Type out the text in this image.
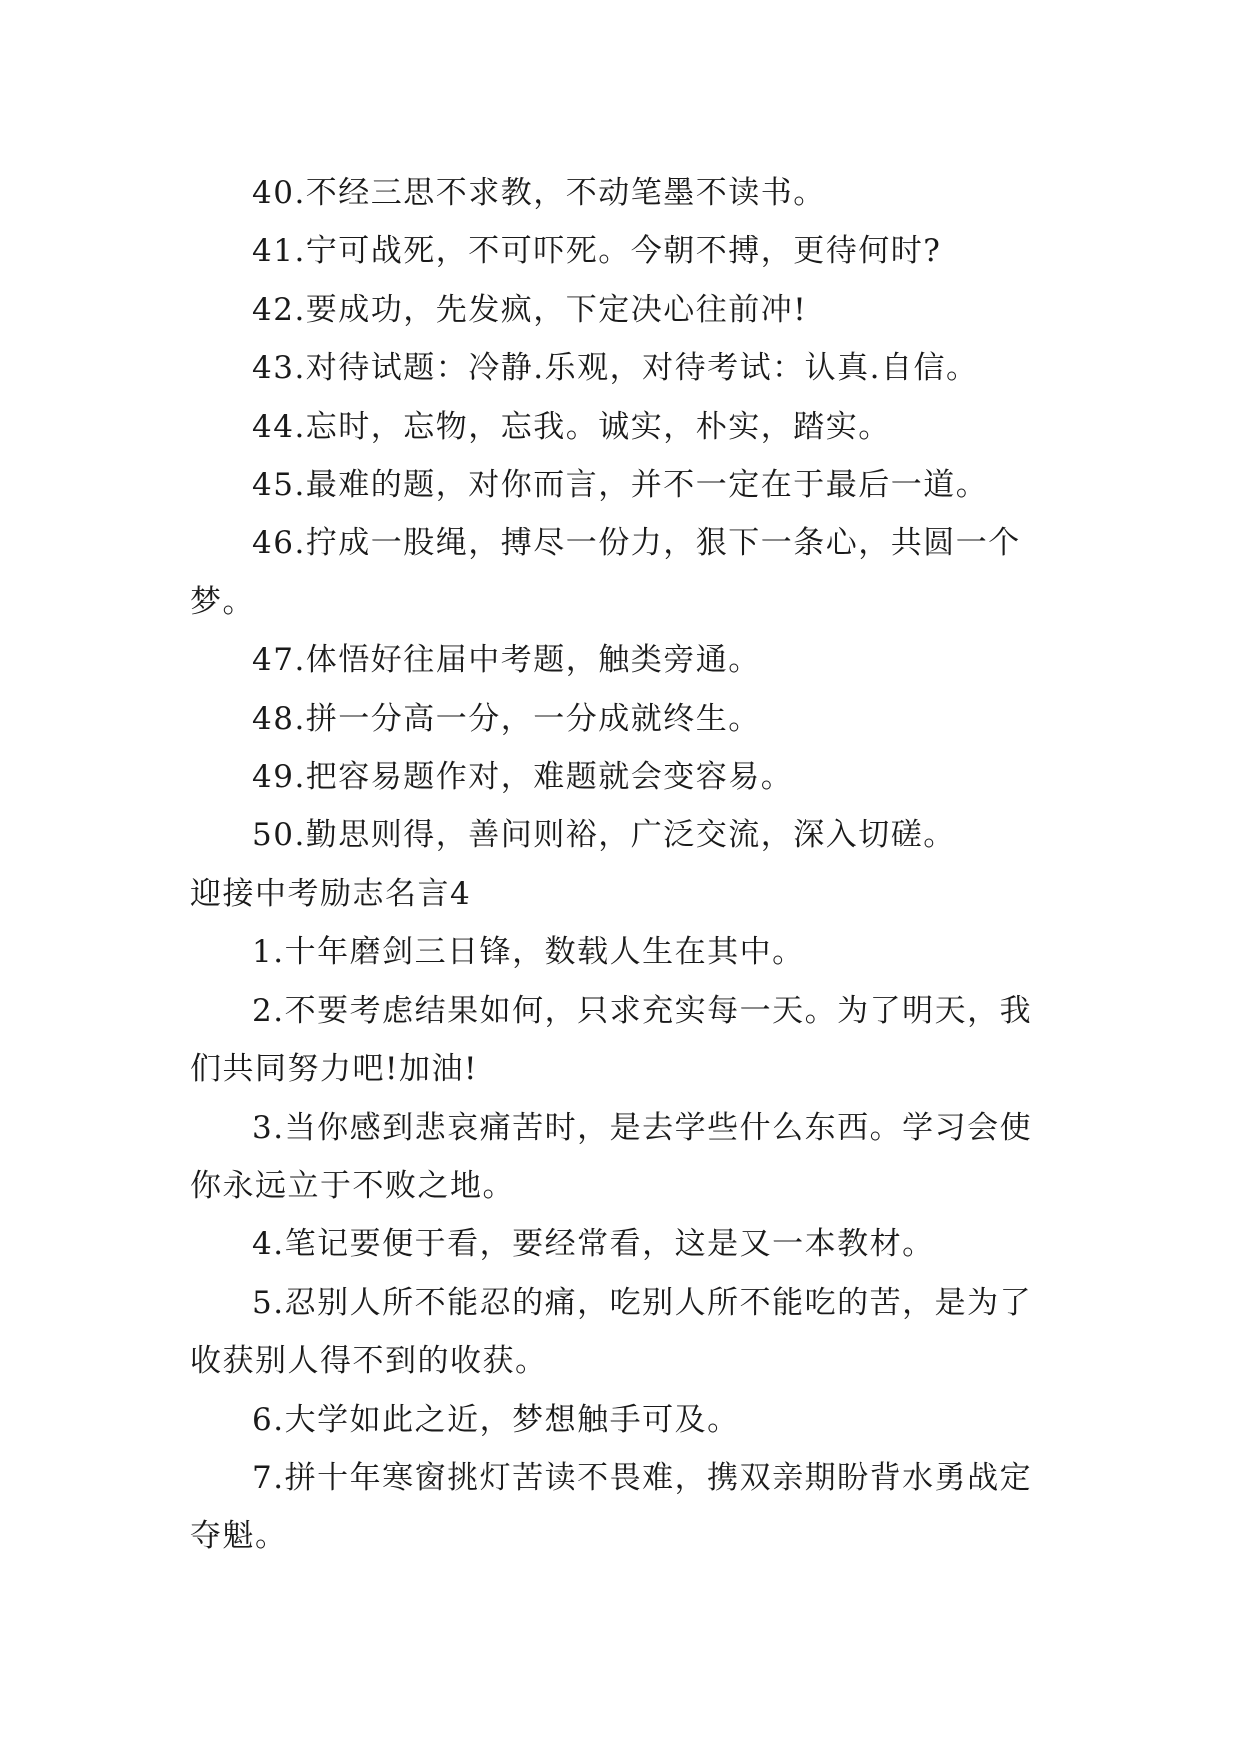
40.不经三思不求教，不动笔墨不读书。

41.宁可战死，不可吓死。今朝不搏，更待何时?

42.要成功，先发疯，下定决心往前冲!

43.对待试题：冷静.乐观，对待考试：认真.自信。

44.忘时，忘物，忘我。诚实，朴实，踏实。

45.最难的题，对你而言，并不一定在于最后一道。

46.拧成一股绳，搏尽一份力，狠下一条心，共圆一个

梦。

47.体悟好往届中考题，触类旁通。

48.拼一分高一分，一分成就终生。

49.把容易题作对，难题就会变容易。

50.勤思则得，善问则裕，广泛交流，深入切磋。

迎接中考励志名言4

1.十年磨剑三日锋，数载人生在其中。

2.不要考虑结果如何，只求充实每一天。为了明天，我

们共同努力吧!加油!

3.当你感到悲哀痛苦时，是去学些什么东西。学习会使

你永远立于不败之地。

4.笔记要便于看，要经常看，这是又一本教材。

5.忍别人所不能忍的痛，吃别人所不能吃的苦，是为了

收获别人得不到的收获。

6.大学如此之近，梦想触手可及。

7.拼十年寒窗挑灯苦读不畏难，携双亲期盼背水勇战定

夺魁。
